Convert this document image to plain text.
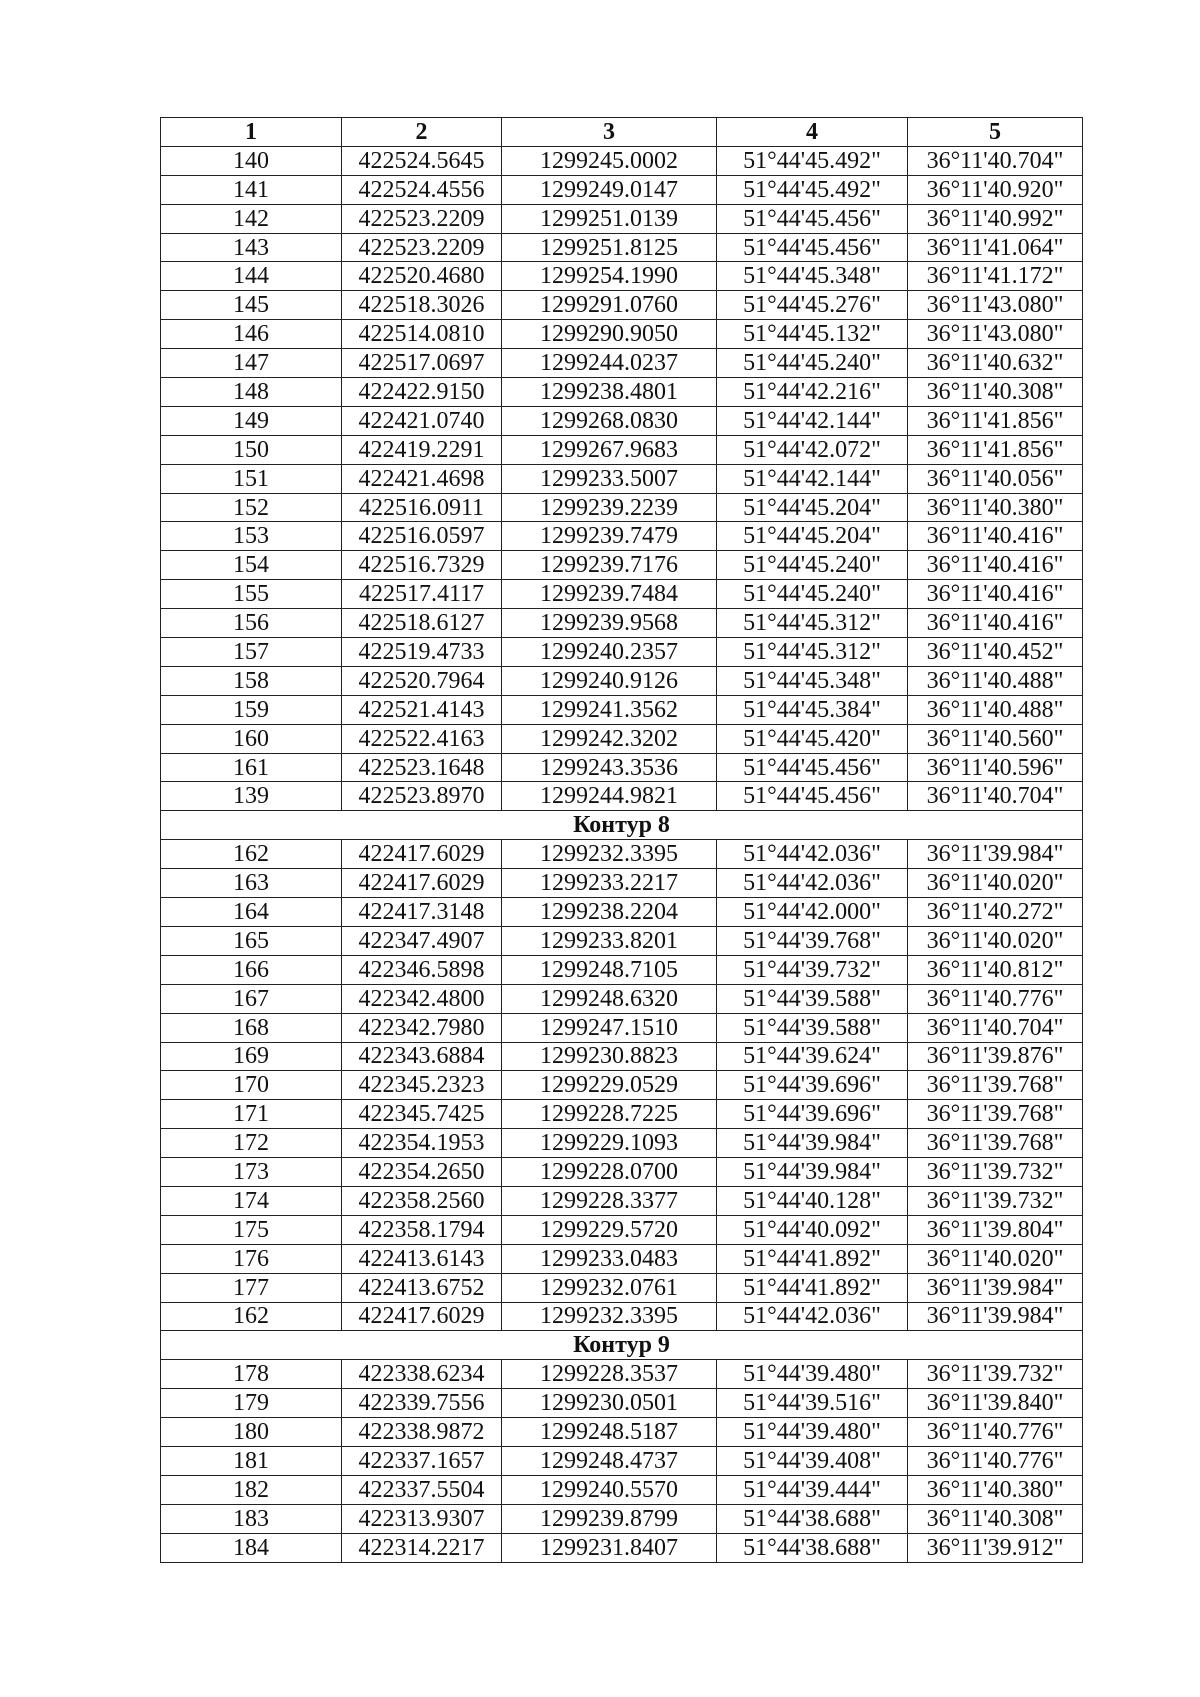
1	2	3	4	5
140	422524.5645	1299245.0002	51°44'45.492"	36°11'40.704"
141	422524.4556	1299249.0147	51°44'45.492"	36°11'40.920"
142	422523.2209	1299251.0139	51°44'45.456"	36°11'40.992"
143	422523.2209	1299251.8125	51°44'45.456"	36°11'41.064"
144	422520.4680	1299254.1990	51°44'45.348"	36°11'41.172"
145	422518.3026	1299291.0760	51°44'45.276"	36°11'43.080"
146	422514.0810	1299290.9050	51°44'45.132"	36°11'43.080"
147	422517.0697	1299244.0237	51°44'45.240"	36°11'40.632"
148	422422.9150	1299238.4801	51°44'42.216"	36°11'40.308"
149	422421.0740	1299268.0830	51°44'42.144"	36°11'41.856"
150	422419.2291	1299267.9683	51°44'42.072"	36°11'41.856"
151	422421.4698	1299233.5007	51°44'42.144"	36°11'40.056"
152	422516.0911	1299239.2239	51°44'45.204"	36°11'40.380"
153	422516.0597	1299239.7479	51°44'45.204"	36°11'40.416"
154	422516.7329	1299239.7176	51°44'45.240"	36°11'40.416"
155	422517.4117	1299239.7484	51°44'45.240"	36°11'40.416"
156	422518.6127	1299239.9568	51°44'45.312"	36°11'40.416"
157	422519.4733	1299240.2357	51°44'45.312"	36°11'40.452"
158	422520.7964	1299240.9126	51°44'45.348"	36°11'40.488"
159	422521.4143	1299241.3562	51°44'45.384"	36°11'40.488"
160	422522.4163	1299242.3202	51°44'45.420"	36°11'40.560"
161	422523.1648	1299243.3536	51°44'45.456"	36°11'40.596"
139	422523.8970	1299244.9821	51°44'45.456"	36°11'40.704"
Контур 8				
162	422417.6029	1299232.3395	51°44'42.036"	36°11'39.984"
163	422417.6029	1299233.2217	51°44'42.036"	36°11'40.020"
164	422417.3148	1299238.2204	51°44'42.000"	36°11'40.272"
165	422347.4907	1299233.8201	51°44'39.768"	36°11'40.020"
166	422346.5898	1299248.7105	51°44'39.732"	36°11'40.812"
167	422342.4800	1299248.6320	51°44'39.588"	36°11'40.776"
168	422342.7980	1299247.1510	51°44'39.588"	36°11'40.704"
169	422343.6884	1299230.8823	51°44'39.624"	36°11'39.876"
170	422345.2323	1299229.0529	51°44'39.696"	36°11'39.768"
171	422345.7425	1299228.7225	51°44'39.696"	36°11'39.768"
172	422354.1953	1299229.1093	51°44'39.984"	36°11'39.768"
173	422354.2650	1299228.0700	51°44'39.984"	36°11'39.732"
174	422358.2560	1299228.3377	51°44'40.128"	36°11'39.732"
175	422358.1794	1299229.5720	51°44'40.092"	36°11'39.804"
176	422413.6143	1299233.0483	51°44'41.892"	36°11'40.020"
177	422413.6752	1299232.0761	51°44'41.892"	36°11'39.984"
162	422417.6029	1299232.3395	51°44'42.036"	36°11'39.984"
Контур 9				
178	422338.6234	1299228.3537	51°44'39.480"	36°11'39.732"
179	422339.7556	1299230.0501	51°44'39.516"	36°11'39.840"
180	422338.9872	1299248.5187	51°44'39.480"	36°11'40.776"
181	422337.1657	1299248.4737	51°44'39.408"	36°11'40.776"
182	422337.5504	1299240.5570	51°44'39.444"	36°11'40.380"
183	422313.9307	1299239.8799	51°44'38.688"	36°11'40.308"
184	422314.2217	1299231.8407	51°44'38.688"	36°11'39.912"
